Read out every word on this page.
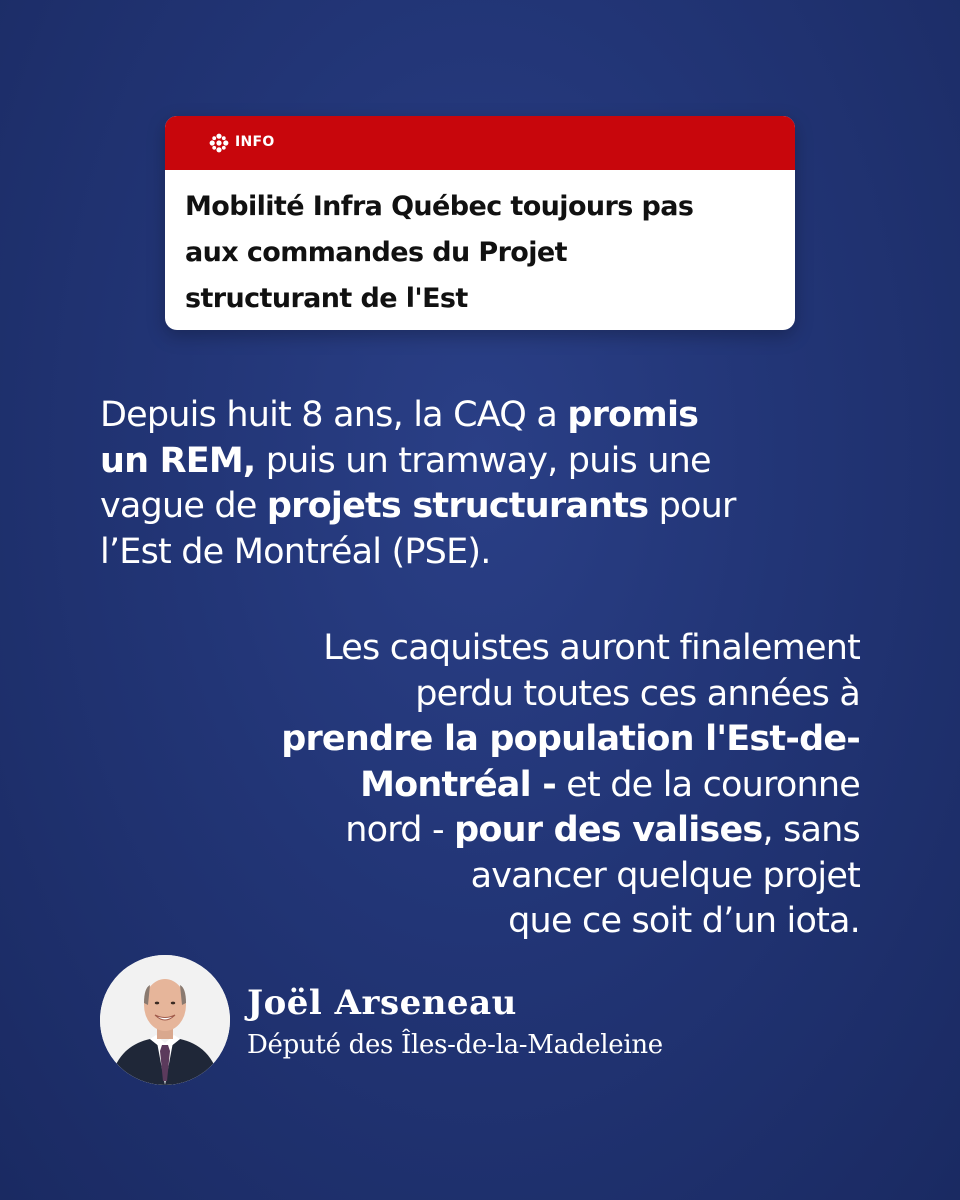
INFO
Mobilité Infra Québec toujours pas
aux commandes du Projet
structurant de l'Est
Depuis huit 8 ans, la CAQ a promis
un REM, puis un tramway, puis une
vague de projets structurants pour
l’Est de Montréal (PSE).
Les caquistes auront finalement
perdu toutes ces années à
prendre la population l'Est-de-
Montréal - et de la couronne
nord - pour des valises, sans
avancer quelque projet
que ce soit d’un iota.
Joël Arseneau
Député des Îles-de-la-Madeleine
